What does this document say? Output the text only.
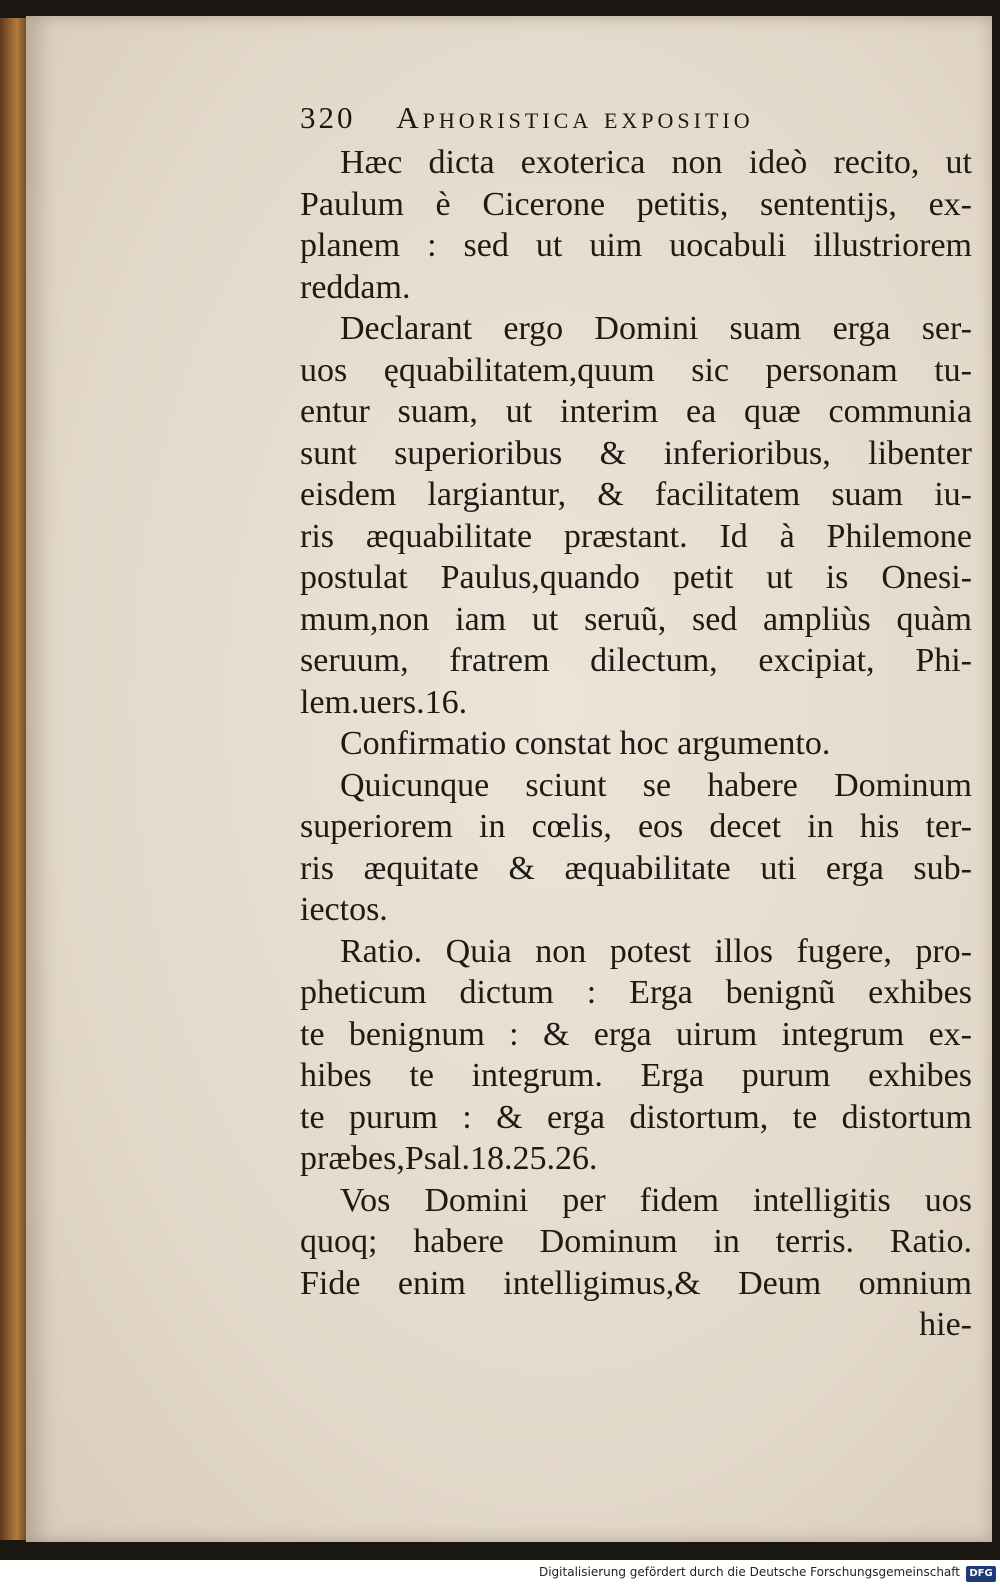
320 Aphoristica expositio
Hæc dicta exoterica non ideò recito, ut
Paulum è Cicerone petitis, sententijs, ex-
planem : sed ut uim uocabuli illustriorem
reddam.
Declarant ergo Domini suam erga ser-
uos ęquabilitatem,quum sic personam tu-
entur suam, ut interim ea quæ communia
sunt superioribus & inferioribus, libenter
eisdem largiantur, & facilitatem suam iu-
ris æquabilitate præstant. Id à Philemone
postulat Paulus,quando petit ut is Onesi-
mum,non iam ut seruũ, sed ampliùs quàm
seruum, fratrem dilectum, excipiat, Phi-
lem.uers.16.
Confirmatio constat hoc argumento.
Quicunque sciunt se habere Dominum
superiorem in cœlis, eos decet in his ter-
ris æquitate & æquabilitate uti erga sub-
iectos.
Ratio. Quia non potest illos fugere, pro-
pheticum dictum : Erga benignũ exhibes
te benignum : & erga uirum integrum ex-
hibes te integrum. Erga purum exhibes
te purum : & erga distortum, te distortum
præbes,Psal.18.25.26.
Vos Domini per fidem intelligitis uos
quoq; habere Dominum in terris. Ratio.
Fide enim intelligimus,& Deum omnium
hie-
Digitalisierung gefördert durch die Deutsche Forschungsgemeinschaft DFG
